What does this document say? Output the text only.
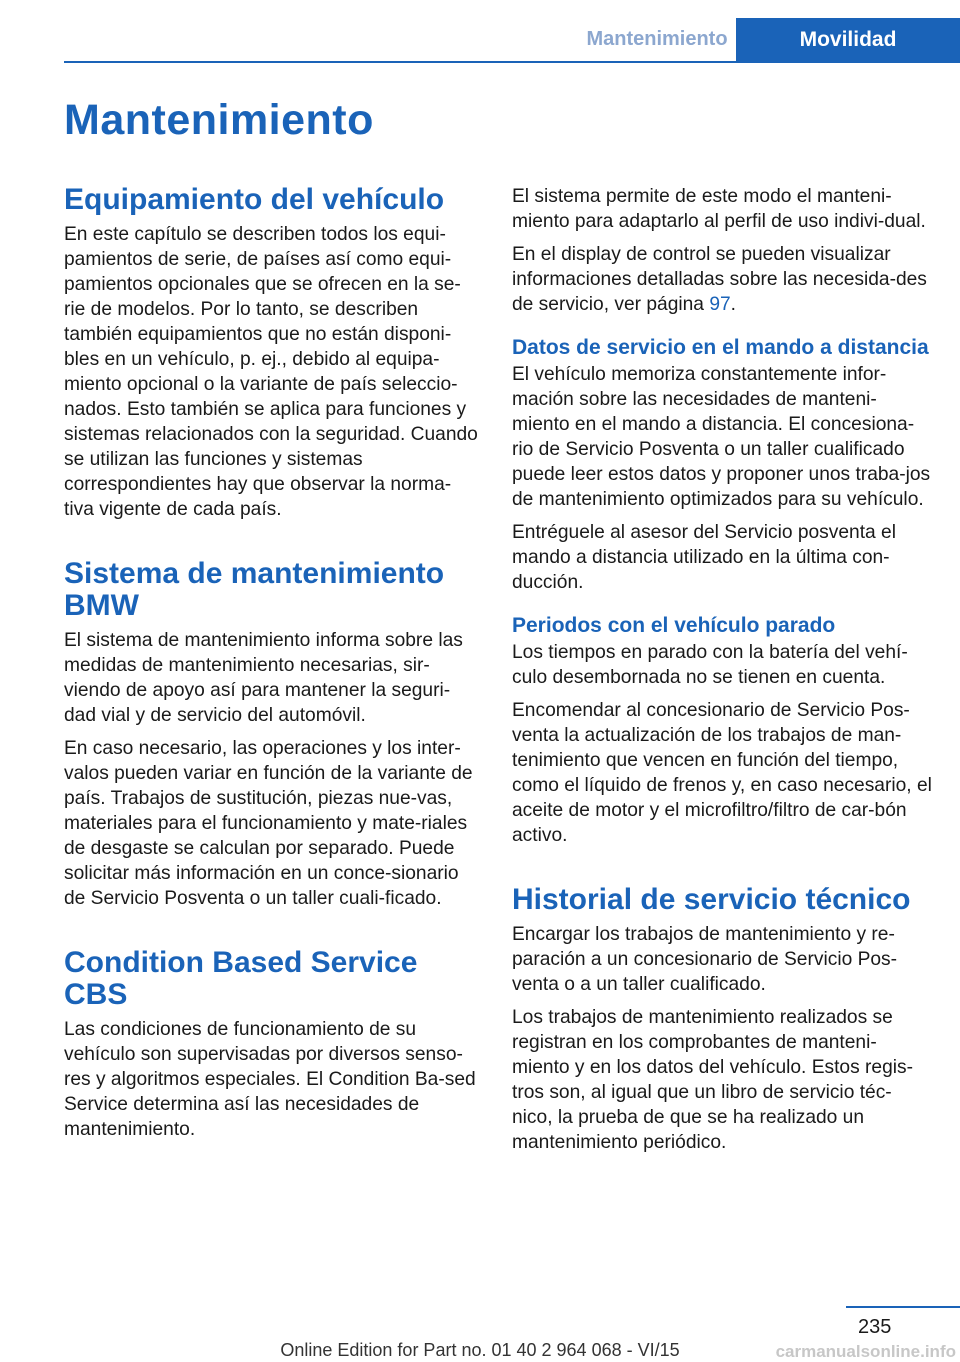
Mantenimiento	Movilidad
Mantenimiento
Equipamiento del vehículo

En este capítulo se describen todos los equi‐pamientos de serie, de países así como equi‐pamientos opcionales que se ofrecen en la se‐rie de modelos. Por lo tanto, se describen también equipamientos que no están disponi‐bles en un vehículo, p. ej., debido al equipa‐miento opcional o la variante de país seleccio‐nados. Esto también se aplica para funciones y sistemas relacionados con la seguridad. Cuando se utilizan las funciones y sistemas correspondientes hay que observar la norma‐tiva vigente de cada país.

Sistema de mantenimiento BMW

El sistema de mantenimiento informa sobre las medidas de mantenimiento necesarias, sir‐viendo de apoyo así para mantener la seguri‐dad vial y de servicio del automóvil.

En caso necesario, las operaciones y los inter‐valos pueden variar en función de la variante de país. Trabajos de sustitución, piezas nue‐vas, materiales para el funcionamiento y mate‐riales de desgaste se calculan por separado. Puede solicitar más información en un conce‐sionario de Servicio Posventa o un taller cuali‐ficado.

Condition Based Service CBS

Las condiciones de funcionamiento de su vehículo son supervisadas por diversos senso‐res y algoritmos especiales. El Condition Ba‐sed Service determina así las necesidades de mantenimiento.

El sistema permite de este modo el manteni‐miento para adaptarlo al perfil de uso indivi‐dual.

En el display de control se pueden visualizar informaciones detalladas sobre las necesida‐des de servicio, ver página 97.

Datos de servicio en el mando a distancia

El vehículo memoriza constantemente infor‐mación sobre las necesidades de manteni‐miento en el mando a distancia. El concesiona‐rio de Servicio Posventa o un taller cualificado puede leer estos datos y proponer unos traba‐jos de mantenimiento optimizados para su vehículo.

Entréguele al asesor del Servicio posventa el mando a distancia utilizado en la última con‐ducción.

Periodos con el vehículo parado

Los tiempos en parado con la batería del vehí‐culo desembornada no se tienen en cuenta.

Encomendar al concesionario de Servicio Pos‐venta la actualización de los trabajos de man‐tenimiento que vencen en función del tiempo, como el líquido de frenos y, en caso necesario, el aceite de motor y el microfiltro/filtro de car‐bón activo.

Historial de servicio técnico

Encargar los trabajos de mantenimiento y re‐paración a un concesionario de Servicio Pos‐venta o a un taller cualificado.

Los trabajos de mantenimiento realizados se registran en los comprobantes de manteni‐miento y en los datos del vehículo. Estos regis‐tros son, al igual que un libro de servicio téc‐nico, la prueba de que se ha realizado un mantenimiento periódico.

235
Online Edition for Part no. 01 40 2 964 068 - VI/15	carmanualsonline.info
